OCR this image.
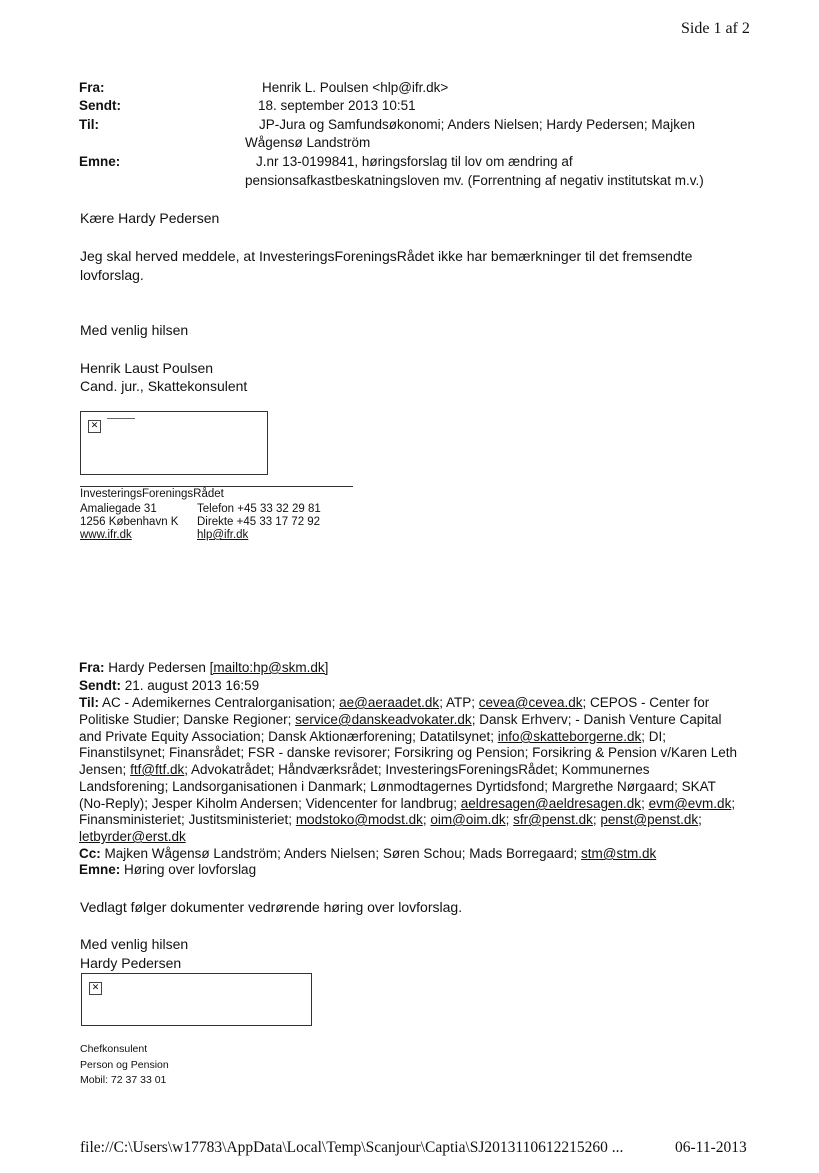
Side 1 af 2
Fra:	Henrik L. Poulsen <hlp@ifr.dk>
Sendt:	18. september 2013 10:51
Til:	JP-Jura og Samfundsøkonomi; Anders Nielsen; Hardy Pedersen; Majken
Wågensø Landström
Emne:	J.nr 13-0199841, høringsforslag til lov om ændring af
pensionsafkastbeskatningsloven mv. (Forrentning af negativ institutskat m.v.)
Kære Hardy Pedersen
Jeg skal herved meddele, at InvesteringsForeningsRådet ikke har bemærkninger til det fremsendte
lovforslag.
Med venlig hilsen
Henrik Laust Poulsen
Cand. jur., Skattekonsulent
✕
InvesteringsForeningsRådet
Amaliegade 31	Telefon +45 33 32 29 81
1256 København K Direkte +45 33 17 72 92
www.ifr.dk	hlp@ifr.dk
Fra: Hardy Pedersen [mailto:hp@skm.dk]
Sendt: 21. august 2013 16:59
Til: AC - Ademikernes Centralorganisation; ae@aeraadet.dk; ATP; cevea@cevea.dk; CEPOS - Center for
Politiske Studier; Danske Regioner; service@danskeadvokater.dk; Dansk Erhverv; - Danish Venture Capital
and Private Equity Association; Dansk Aktionærforening; Datatilsynet; info@skatteborgerne.dk; DI;
Finanstilsynet; Finansrådet; FSR - danske revisorer; Forsikring og Pension; Forsikring & Pension v/Karen Leth
Jensen; ftf@ftf.dk; Advokatrådet; Håndværksrådet; InvesteringsForeningsRådet; Kommunernes
Landsforening; Landsorganisationen i Danmark; Lønmodtagernes Dyrtidsfond; Margrethe Nørgaard; SKAT
(No-Reply); Jesper Kiholm Andersen; Videncenter for landbrug; aeldresagen@aeldresagen.dk; evm@evm.dk;
Finansministeriet; Justitsministeriet; modstoko@modst.dk; oim@oim.dk; sfr@penst.dk; penst@penst.dk;
letbyrder@erst.dk
Cc: Majken Wågensø Landström; Anders Nielsen; Søren Schou; Mads Borregaard; stm@stm.dk
Emne: Høring over lovforslag
Vedlagt følger dokumenter vedrørende høring over lovforslag.
Med venlig hilsen
Hardy Pedersen
✕
Chefkonsulent
Person og Pension
Mobil: 72 37 33 01
file://C:\Users\w17783\AppData\Local\Temp\Scanjour\Captia\SJ2013110612215260 ...	06-11-2013
